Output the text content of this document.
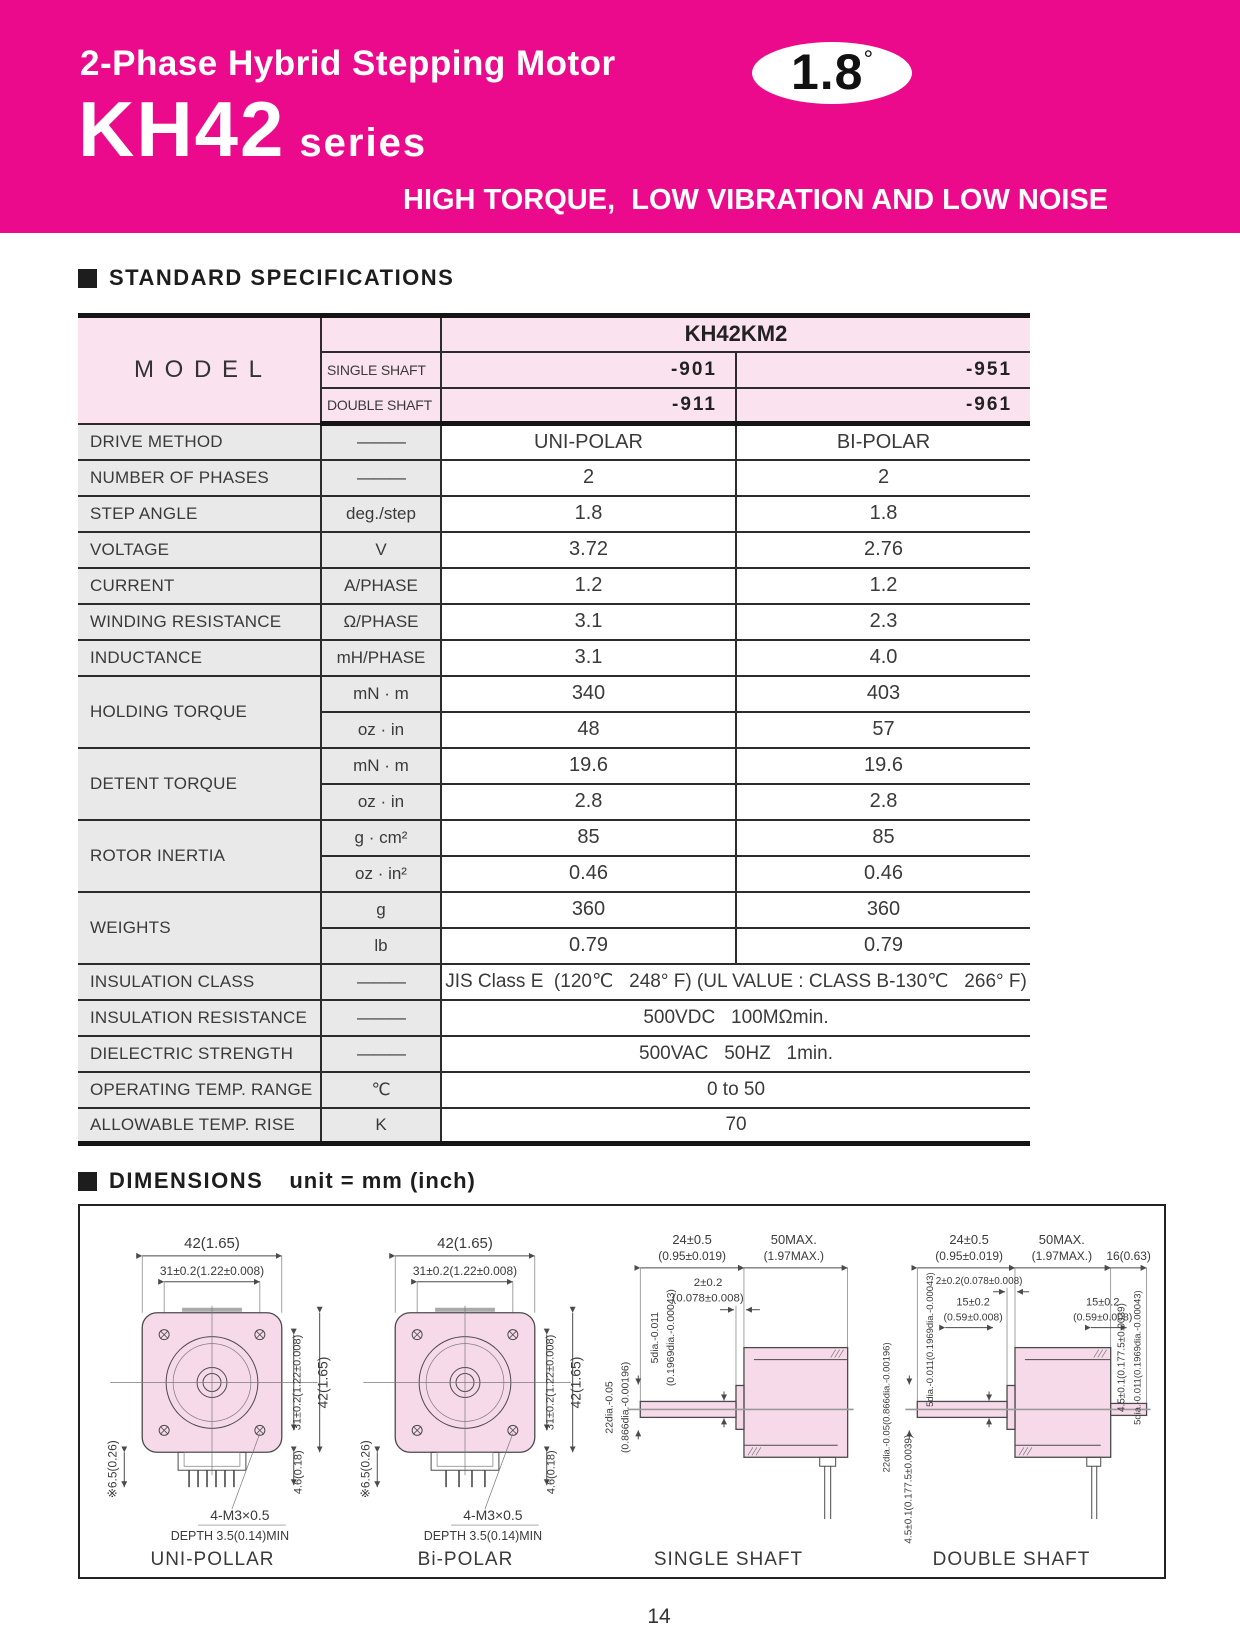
2-Phase Hybrid Stepping Motor	1.8°
KH42 series
HIGH TORQUE,  LOW VIBRATION AND LOW NOISE
STANDARD SPECIFICATIONS
M O D E L		KH42KM2	
	SINGLE SHAFT	-901	-951
	DOUBLE SHAFT	-911	-961
DRIVE METHOD	———	UNI-POLAR	BI-POLAR
NUMBER OF PHASES	———	2	2
STEP ANGLE	deg./step	1.8	1.8
VOLTAGE	V	3.72	2.76
CURRENT	A/PHASE	1.2	1.2
WINDING RESISTANCE	Ω/PHASE	3.1	2.3
INDUCTANCE	mH/PHASE	3.1	4.0
HOLDING TORQUE	mN · m	340	403
	oz · in	48	57
DETENT TORQUE	mN · m	19.6	19.6
	oz · in	2.8	2.8
ROTOR INERTIA	g · cm²	85	85
	oz · in²	0.46	0.46
WEIGHTS	g	360	360
	lb	0.79	0.79
INSULATION CLASS	———	JIS Class E  (120℃   248° F) (UL VALUE : CLASS B-130℃   266° F)	
INSULATION RESISTANCE	———	500VDC   100MΩmin.	
DIELECTRIC STRENGTH	———	500VAC   50HZ   1min.	
OPERATING TEMP. RANGE	℃	0 to 50	
ALLOWABLE TEMP. RISE	K	70	
DIMENSIONS unit = mm (inch)
42(1.65)
31±0.2(1.22±0.008)
※6.5(0.26)
31±0.2(1.22±0.008) 42(1.65)
4.6(0.18)
4-M3×0.5
DEPTH 3.5(0.14)MIN
UNI-POLLAR
42(1.65)
31±0.2(1.22±0.008)
※6.5(0.26)
31±0.2(1.22±0.008) 42(1.65)
4.6(0.18)
4-M3×0.5
DEPTH 3.5(0.14)MIN
Bi-POLAR
24±0.5
(0.95±0.019)
50MAX.
(1.97MAX.)
2±0.2
(0.078±0.008)
5dia.-0.011 (0.1969dia.-0.00043)
22dia.-0.05 (0.866dia.-0.00196)
SINGLE SHAFT
24±0.5
(0.95±0.019)
50MAX.
(1.97MAX.) 16(0.63)
2±0.2(0.078±0.008)
15±0.2
(0.59±0.008)
15±0.2
(0.59±0.008)
5dia.-0.011(0.1969dia.-0.00043)
22dia.-0.05(0.866dia.-0.00196)
4.5±0.1(0.177.5±0.0039)
4.5±0.1(0.177.5±0.0039) 5dia.-0.011(0.1969dia.-0.00043)
DOUBLE SHAFT
14
